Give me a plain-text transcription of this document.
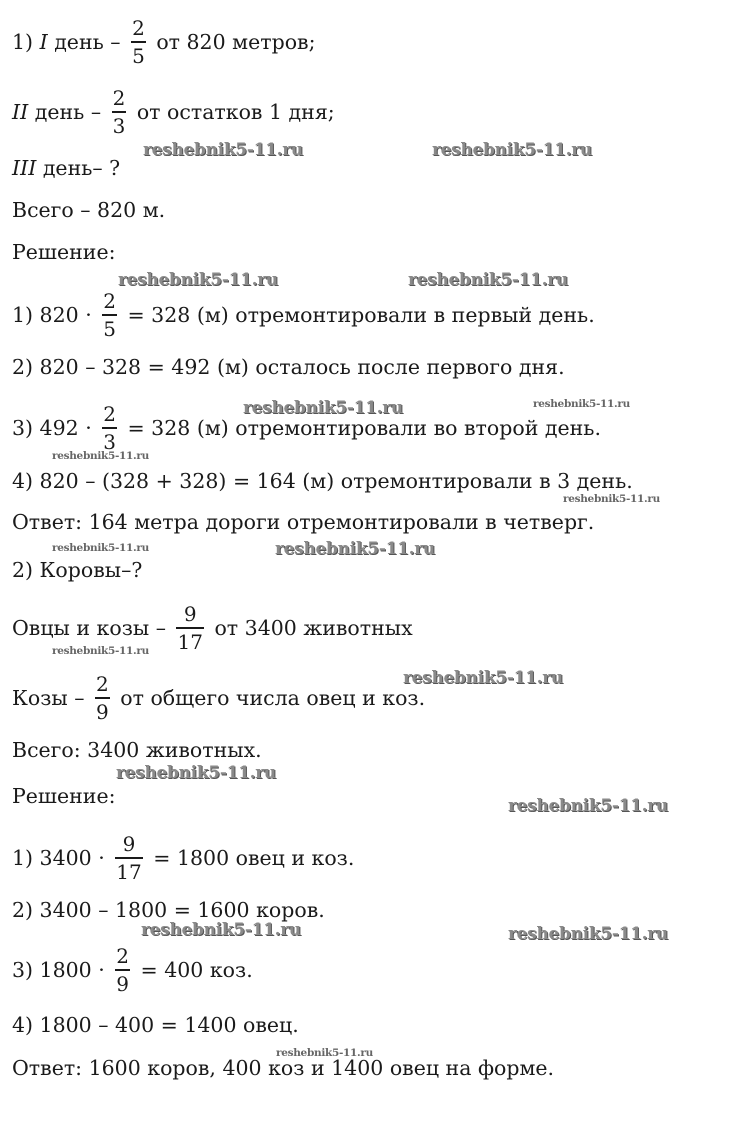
1) I день – $\frac{2}{5}$ от 820 метров;
II день – $\frac{2}{3}$ от остатков 1 дня;
III день– ?
Всего – 820 м.
Решение:
1) $820 \cdot \frac{2}{5} = 328$ (м) отремонтировали в первый день.
2) 820 – 328 = 492 (м) осталось после первого дня.
3) $492 \cdot \frac{2}{3} = 328$ (м) отремонтировали во второй день.
4) 820 – (328 + 328) = 164 (м) отремонтировали в 3 день.
Ответ: 164 метра дороги отремонтировали в четверг.
2) Коровы–?
Овцы и козы – $\frac{9}{17}$ от 3400 животных
Козы – $\frac{2}{9}$ от общего числа овец и коз.
Всего: 3400 животных.
Решение:
1) $3400 \cdot \frac{9}{17} = 1800$ овец и коз.
2) 3400 – 1800 = 1600 коров.
3) $1800 \cdot \frac{2}{9} = 400$ коз.
4) 1800 – 400 = 1400 овец.
Ответ: 1600 коров, 400 коз и 1400 овец на форме.
reshebnik5-11.ru	reshebnik5-11.ru
reshebnik5-11.ru	reshebnik5-11.ru
reshebnik5-11.ru	reshebnik5-11.ru
reshebnik5-11.ru
reshebnik5-11.ru
reshebnik5-11.ru	reshebnik5-11.ru
reshebnik5-11.ru
reshebnik5-11.ru
reshebnik5-11.ru
reshebnik5-11.ru
reshebnik5-11.ru	reshebnik5-11.ru
reshebnik5-11.ru
